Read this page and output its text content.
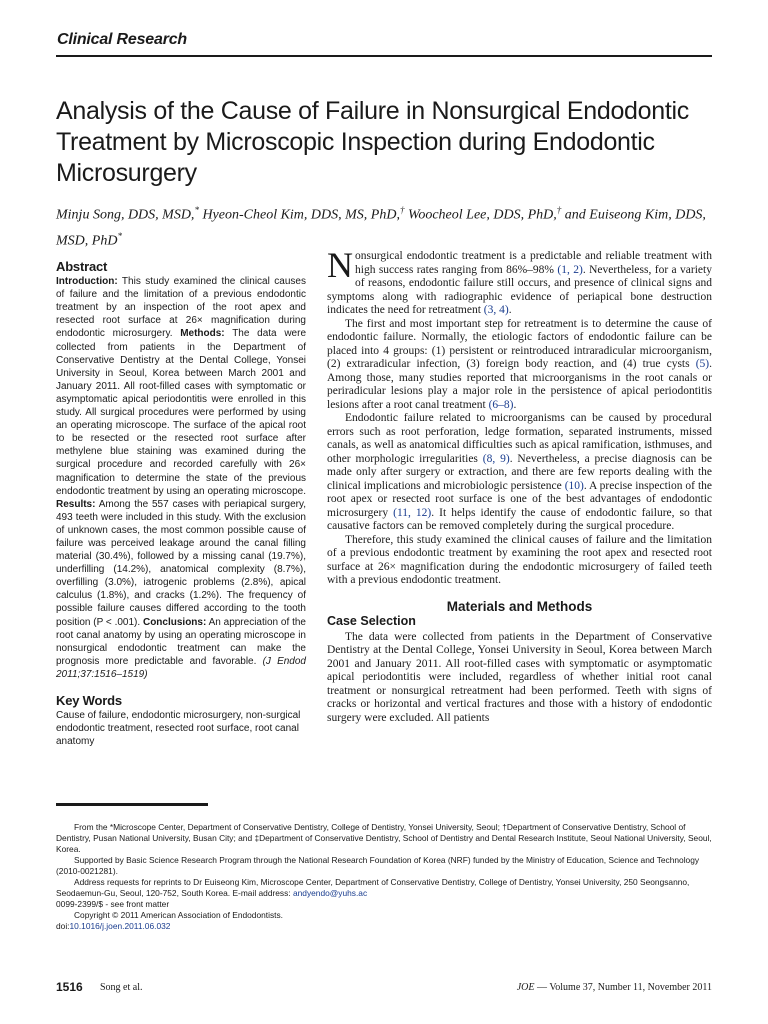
Clinical Research
Analysis of the Cause of Failure in Nonsurgical Endodontic Treatment by Microscopic Inspection during Endodontic Microsurgery

Minju Song, DDS, MSD,* Hyeon-Cheol Kim, DDS, MS, PhD,† Woocheol Lee, DDS, PhD,† and Euiseong Kim, DDS, MSD, PhD*

Abstract

Introduction: This study examined the clinical causes of failure and the limitation of a previous endodontic treatment by an inspection of the root apex and resected root surface at 26× magnification during endodontic microsurgery. Methods: The data were collected from patients in the Department of Conservative Dentistry at the Dental College, Yonsei University in Seoul, Korea between March 2001 and January 2011. All root-filled cases with symptomatic or asymptomatic apical periodontitis were enrolled in this study. All surgical procedures were performed by using an operating microscope. The surface of the apical root to be resected or the resected root surface after methylene blue staining was examined during the surgical procedure and recorded carefully with 26× magnification to determine the state of the previous endodontic treatment by using an operating microscope. Results: Among the 557 cases with periapical surgery, 493 teeth were included in this study. With the exclusion of unknown cases, the most common possible cause of failure was perceived leakage around the canal filling material (30.4%), followed by a missing canal (19.7%), underfilling (14.2%), anatomical complexity (8.7%), overfilling (3.0%), iatrogenic problems (2.8%), apical calculus (1.8%), and cracks (1.2%). The frequency of possible failure causes differed according to the tooth position (P < .001). Conclusions: An appreciation of the root canal anatomy by using an operating microscope in nonsurgical endodontic treatment can make the prognosis more predictable and favorable. (J Endod 2011;37:1516–1519)

Key Words

Cause of failure, endodontic microsurgery, non-surgical endodontic treatment, resected root surface, root canal anatomy

Nonsurgical endodontic treatment is a predictable and reliable treatment with high success rates ranging from 86%–98% (1, 2). Nevertheless, for a variety of reasons, endodontic failure still occurs, and presence of clinical signs and symptoms along with radiographic evidence of periapical bone destruction indicates the need for retreatment (3, 4).

The first and most important step for retreatment is to determine the cause of endodontic failure. Normally, the etiologic factors of endodontic failure can be placed into 4 groups: (1) persistent or reintroduced intraradicular microorganism, (2) extraradicular infection, (3) foreign body reaction, and (4) true cysts (5). Among those, many studies reported that microorganisms in the root canals or periradicular lesions play a major role in the persistence of apical periodontitis lesions after a root canal treatment (6–8).

Endodontic failure related to microorganisms can be caused by procedural errors such as root perforation, ledge formation, separated instruments, missed canals, as well as anatomical difficulties such as apical ramification, isthmuses, and other morphologic irregularities (8, 9). Nevertheless, a precise diagnosis can be made only after surgery or extraction, and there are few reports dealing with the clinical implications and microbiologic persistence (10). A precise inspection of the root apex or resected root surface is one of the best advantages of endodontic microsurgery (11, 12). It helps identify the cause of endodontic failure, so that causative factors can be removed completely during the surgical procedure.

Therefore, this study examined the clinical causes of failure and the limitation of a previous endodontic treatment by examining the root apex and resected root surface at 26× magnification during the endodontic microsurgery of failed teeth with a previous endodontic treatment.

Materials and Methods
Case Selection

The data were collected from patients in the Department of Conservative Dentistry at the Dental College, Yonsei University in Seoul, Korea between March 2001 and January 2011. All root-filled cases with symptomatic or asymptomatic apical periodontitis were included, regardless of whether initial root canal treatment or nonsurgical retreatment had been performed. Teeth with signs of cracks or horizontal and vertical fractures and those with a history of endodontic surgery were excluded. All patients

From the *Microscope Center, Department of Conservative Dentistry, College of Dentistry, Yonsei University, Seoul; †Department of Conservative Dentistry, School of Dentistry, Pusan National University, Busan City; and ‡Department of Conservative Dentistry, School of Dentistry and Dental Research Institute, Seoul National University, Seoul, Korea.

Supported by Basic Science Research Program through the National Research Foundation of Korea (NRF) funded by the Ministry of Education, Science and Technology (2010-0021281).

Address requests for reprints to Dr Euiseong Kim, Microscope Center, Department of Conservative Dentistry, College of Dentistry, Yonsei University, 250 Seongsanno, Seodaemun-Gu, Seoul, 120-752, South Korea. E-mail address: andyendo@yuhs.ac

0099-2399/$ - see front matter

Copyright © 2011 American Association of Endodontists.

doi:10.1016/j.joen.2011.06.032

1516 Song et al.	JOE — Volume 37, Number 11, November 2011
